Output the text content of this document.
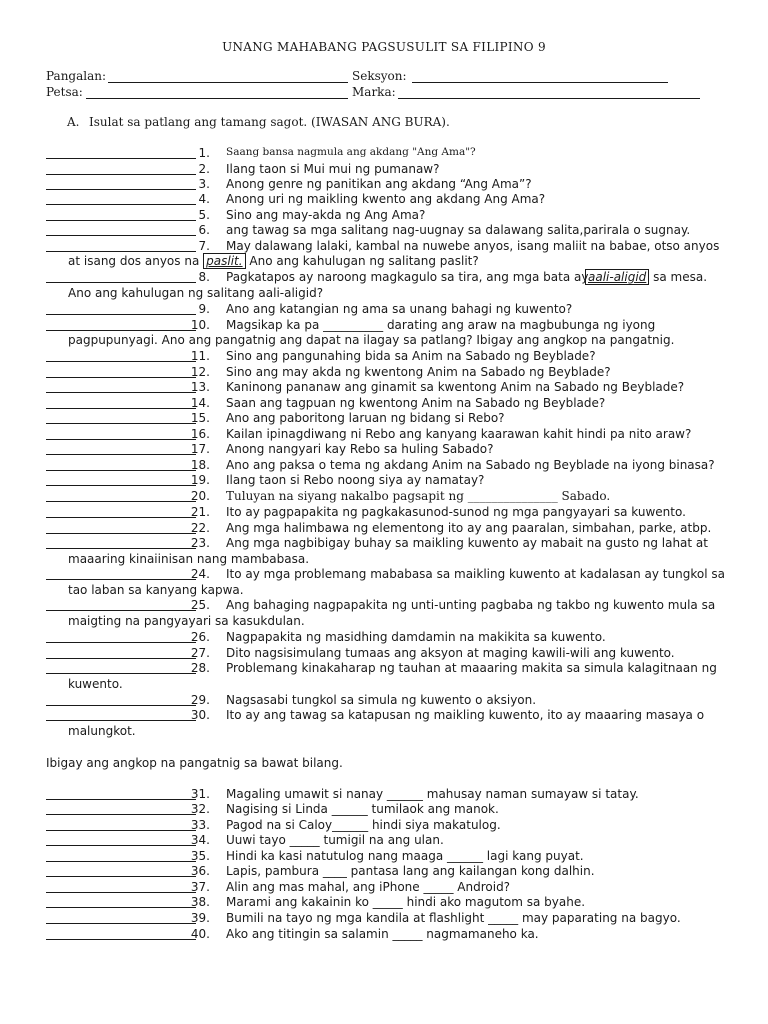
UNANG MAHABANG PAGSUSULIT SA FILIPINO 9
Pangalan:	Seksyon:
Petsa:	Marka:
A. Isulat sa patlang ang tamang sagot. (IWASAN ANG BURA).
1. Saang bansa nagmula ang akdang "Ang Ama"?
2. Ilang taon si Mui mui ng pumanaw?
3. Anong genre ng panitikan ang akdang “Ang Ama”?
4. Anong uri ng maikling kwento ang akdang Ang Ama?
5. Sino ang may-akda ng Ang Ama?
6. ang tawag sa mga salitang nag-uugnay sa dalawang salita,parirala o sugnay.
7. May dalawang lalaki, kambal na nuwebe anyos, isang maliit na babae, otso anyos
8. Pagkatapos ay naroong magkagulo sa tira, ang mga bata ay aali-aligid sa mesa.
9. Ano ang katangian ng ama sa unang bahagi ng kuwento?
10. Magsikap ka pa __________ darating ang araw na magbubunga ng iyong
11. Sino ang pangunahing bida sa Anim na Sabado ng Beyblade?
12. Sino ang may akda ng kwentong Anim na Sabado ng Beyblade?
13. Kaninong pananaw ang ginamit sa kwentong Anim na Sabado ng Beyblade?
14. Saan ang tagpuan ng kwentong Anim na Sabado ng Beyblade?
15. Ano ang paboritong laruan ng bidang si Rebo?
16. Kailan ipinagdiwang ni Rebo ang kanyang kaarawan kahit hindi pa nito araw?
17. Anong nangyari kay Rebo sa huling Sabado?
18. Ano ang paksa o tema ng akdang Anim na Sabado ng Beyblade na iyong binasa?
19. Ilang taon si Rebo noong siya ay namatay?
20. Tuluyan na siyang nakalbo pagsapit ng _______________ Sabado.
21. Ito ay pagpapakita ng pagkakasunod-sunod ng mga pangyayari sa kuwento.
22. Ang mga halimbawa ng elementong ito ay ang paaralan, simbahan, parke, atbp.
23. Ang mga nagbibigay buhay sa maikling kuwento ay mabait na gusto ng lahat at
24. Ito ay mga problemang mababasa sa maikling kuwento at kadalasan ay tungkol sa
25. Ang bahaging nagpapakita ng unti-unting pagbaba ng takbo ng kuwento mula sa
26. Nagpapakita ng masidhing damdamin na makikita sa kuwento.
27. Dito nagsisimulang tumaas ang aksyon at maging kawili-wili ang kuwento.
28. Problemang kinakaharap ng tauhan at maaaring makita sa simula kalagitnaan ng
29. Nagsasabi tungkol sa simula ng kuwento o aksiyon.
30. Ito ay ang tawag sa katapusan ng maikling kuwento, ito ay maaaring masaya o
at isang dos anyos na paslit. Ano ang kahulugan ng salitang paslit?
Ano ang kahulugan ng salitang aali-aligid?
pagpupunyagi. Ano ang pangatnig ang dapat na ilagay sa patlang? Ibigay ang angkop na pangatnig.
maaaring kinaiinisan nang mambabasa.
tao laban sa kanyang kapwa.
maigting na pangyayari sa kasukdulan.
kuwento.
malungkot.
Ibigay ang angkop na pangatnig sa bawat bilang.
31. Magaling umawit si nanay ______ mahusay naman sumayaw si tatay.
32. Nagising si Linda ______ tumilaok ang manok.
33. Pagod na si Caloy______ hindi siya makatulog.
34. Uuwi tayo _____ tumigil na ang ulan.
35. Hindi ka kasi natutulog nang maaga ______ lagi kang puyat.
36. Lapis, pambura ____ pantasa lang ang kailangan kong dalhin.
37. Alin ang mas mahal, ang iPhone _____ Android?
38. Marami ang kakainin ko _____ hindi ako magutom sa byahe.
39. Bumili na tayo ng mga kandila at flashlight _____ may paparating na bagyo.
40. Ako ang titingin sa salamin _____ nagmamaneho ka.
